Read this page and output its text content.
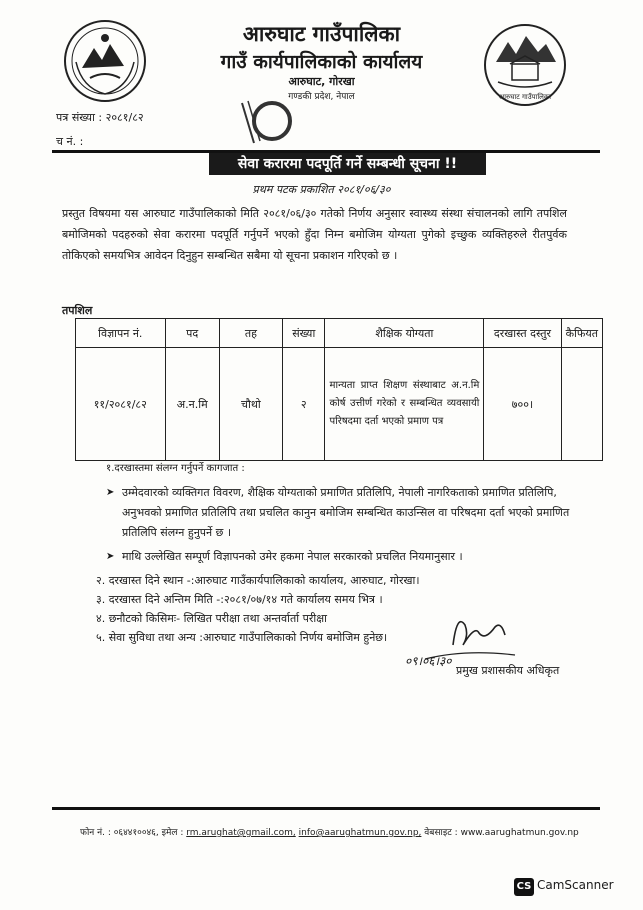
आरुघाट गाउँपालिका
आरुघाट गाउँपालिका
गाउँ कार्यपालिकाको कार्यालय
आरुघाट, गोरखा
गण्डकी प्रदेश, नेपाल
पत्र संख्या : २०८१/८२
च नं. :
सेवा करारमा पदपूर्ति गर्ने सम्बन्धी सूचना !!
प्रथम पटक प्रकाशित २०८१/०६/३०
प्रस्तुत विषयमा यस आरुघाट गाउँपालिकाको मिति २०८१/०६/३० गतेको निर्णय अनुसार स्वास्थ्य संस्था संचालनको लागि तपशिल बमोजिमको पदहरुको सेवा करारमा पदपूर्ति गर्नुपर्ने भएको हुँदा निम्न बमोजिम योग्यता पुगेको इच्छुक व्यक्तिहरुले रीतपुर्वक तोकिएको समयभित्र आवेदन दिनुहुन सम्बन्धित सबैमा यो सूचना प्रकाशन गरिएको छ ।
तपशिल
विज्ञापन नं.	पद	तह	संख्या	शैक्षिक योग्यता	दरखास्त दस्तुर	कैफियत
११/२०८१/८२	अ.न.मि	चौथो	२	मान्यता प्राप्त शिक्षण संस्थाबाट अ.न.मि कोर्ष उत्तीर्ण गरेको र सम्बन्धित व्यवसायी परिषदमा दर्ता भएको प्रमाण पत्र	७००।	
१.दरखास्तमा संलग्न गर्नुपर्ने कागजात :
➤ उम्मेदवारको व्यक्तिगत विवरण, शैक्षिक योग्यताको प्रमाणित प्रतिलिपि, नेपाली नागरिकताको प्रमाणित प्रतिलिपि, अनुभवको प्रमाणित प्रतिलिपि तथा प्रचलित कानुन बमोजिम सम्बन्धित काउन्सिल वा परिषदमा दर्ता भएको प्रमाणित प्रतिलिपि संलग्न हुनुपर्ने छ ।
➤ माथि उल्लेखित सम्पूर्ण विज्ञापनको उमेर हकमा नेपाल सरकारको प्रचलित नियमानुसार ।
२. दरखास्त दिने स्थान -:आरुघाट गाउँकार्यपालिकाको कार्यालय, आरुघाट, गोरखा।
३. दरखास्त दिने अन्तिम मिति -:२०८१/०७/१४ गते कार्यालय समय भित्र ।
४. छनौटको किसिमः- लिखित परीक्षा तथा अन्तर्वार्ता परीक्षा
५. सेवा सुविधा तथा अन्य :आरुघाट गाउँपालिकाको निर्णय बमोजिम हुनेछ।
०९।०६।३०
प्रमुख प्रशासकीय अधिकृत
फोन नं. : ०६४४१००४६, इमेल : rm.arughat@gmail.com, info@aarughatmun.gov.np, वेबसाइट : www.aarughatmun.gov.np
CS CamScanner
